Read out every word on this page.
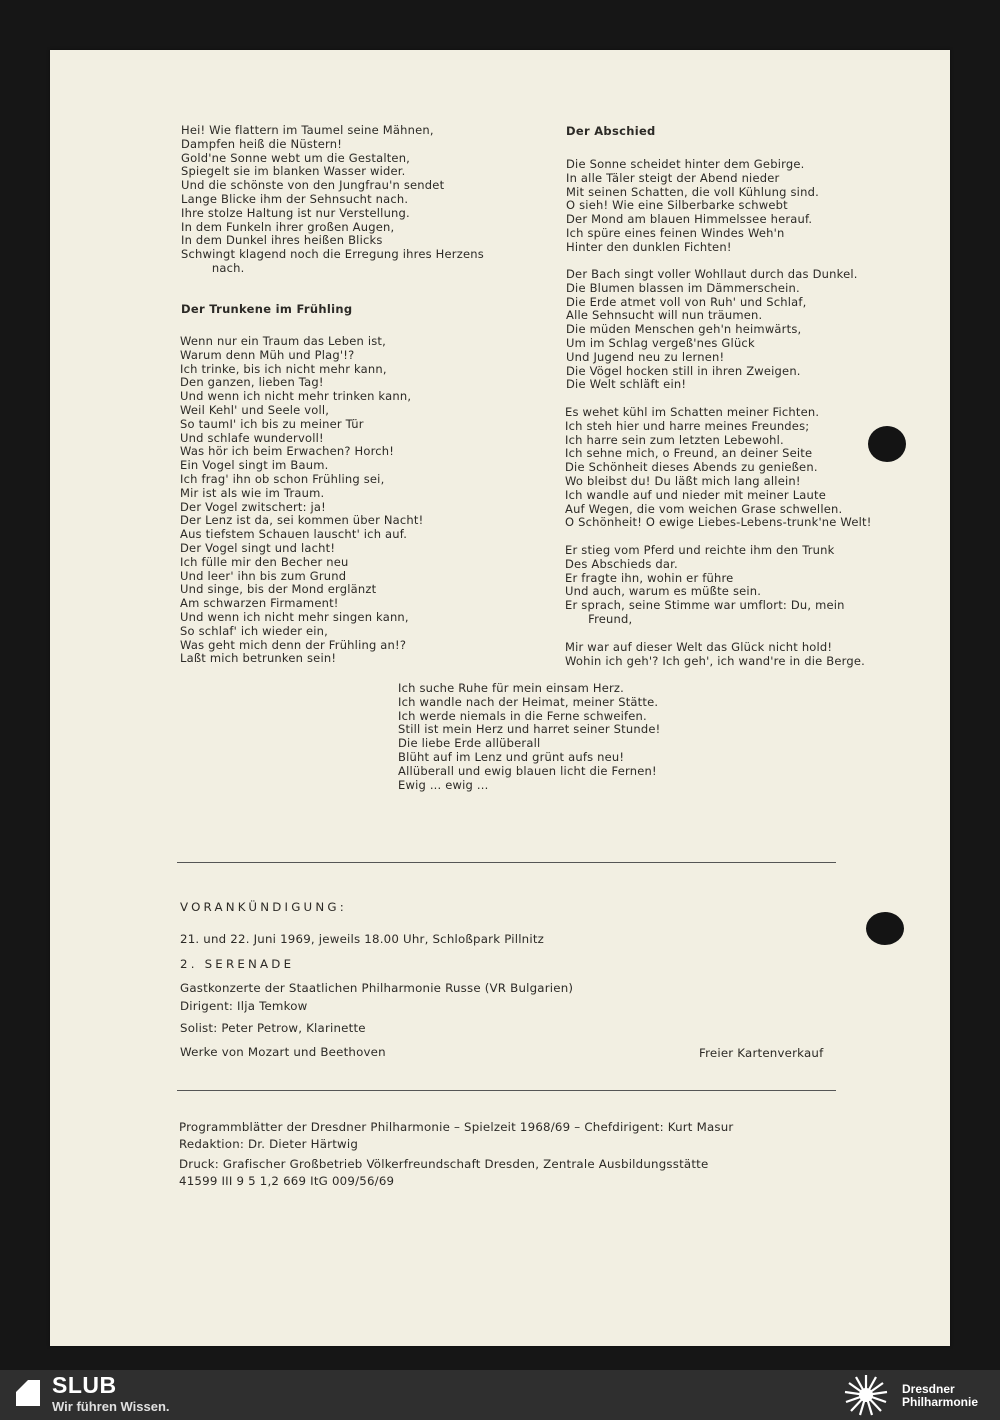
Hei! Wie flattern im Taumel seine Mähnen,
Dampfen heiß die Nüstern!
Gold'ne Sonne webt um die Gestalten,
Spiegelt sie im blanken Wasser wider.
Und die schönste von den Jungfrau'n sendet
Lange Blicke ihm der Sehnsucht nach.
Ihre stolze Haltung ist nur Verstellung.
In dem Funkeln ihrer großen Augen,
In dem Dunkel ihres heißen Blicks
Schwingt klagend noch die Erregung ihres Herzens
nach.
Der Trunkene im Frühling
Wenn nur ein Traum das Leben ist,
Warum denn Müh und Plag'!?
Ich trinke, bis ich nicht mehr kann,
Den ganzen, lieben Tag!
Und wenn ich nicht mehr trinken kann,
Weil Kehl' und Seele voll,
So taumI' ich bis zu meiner Tür
Und schlafe wundervoll!
Was hör ich beim Erwachen? Horch!
Ein Vogel singt im Baum.
Ich frag' ihn ob schon Frühling sei,
Mir ist als wie im Traum.
Der Vogel zwitschert: ja!
Der Lenz ist da, sei kommen über Nacht!
Aus tiefstem Schauen lauscht' ich auf.
Der Vogel singt und lacht!
Ich fülle mir den Becher neu
Und leer' ihn bis zum Grund
Und singe, bis der Mond erglänzt
Am schwarzen Firmament!
Und wenn ich nicht mehr singen kann,
So schlaf' ich wieder ein,
Was geht mich denn der Frühling an!?
Laßt mich betrunken sein!
Der Abschied
Die Sonne scheidet hinter dem Gebirge.
In alle Täler steigt der Abend nieder
Mit seinen Schatten, die voll Kühlung sind.
O sieh! Wie eine Silberbarke schwebt
Der Mond am blauen Himmelssee herauf.
Ich spüre eines feinen Windes Weh'n
Hinter den dunklen Fichten!
Der Bach singt voller Wohllaut durch das Dunkel.
Die Blumen blassen im Dämmerschein.
Die Erde atmet voll von Ruh' und Schlaf,
Alle Sehnsucht will nun träumen.
Die müden Menschen geh'n heimwärts,
Um im Schlag vergeß'nes Glück
Und Jugend neu zu lernen!
Die Vögel hocken still in ihren Zweigen.
Die Welt schläft ein!
Es wehet kühl im Schatten meiner Fichten.
Ich steh hier und harre meines Freundes;
Ich harre sein zum letzten Lebewohl.
Ich sehne mich, o Freund, an deiner Seite
Die Schönheit dieses Abends zu genießen.
Wo bleibst du! Du läßt mich lang allein!
Ich wandle auf und nieder mit meiner Laute
Auf Wegen, die vom weichen Grase schwellen.
O Schönheit! O ewige Liebes-Lebens-trunk'ne Welt!
Er stieg vom Pferd und reichte ihm den Trunk
Des Abschieds dar.
Er fragte ihn, wohin er führe
Und auch, warum es müßte sein.
Er sprach, seine Stimme war umflort: Du, mein
Freund,
Mir war auf dieser Welt das Glück nicht hold!
Wohin ich geh'? Ich geh', ich wand're in die Berge.
Ich suche Ruhe für mein einsam Herz.
Ich wandle nach der Heimat, meiner Stätte.
Ich werde niemals in die Ferne schweifen.
Still ist mein Herz und harret seiner Stunde!
Die liebe Erde allüberall
Blüht auf im Lenz und grünt aufs neu!
Allüberall und ewig blauen licht die Fernen!
Ewig ... ewig ...
VORANKÜNDIGUNG:
21. und 22. Juni 1969, jeweils 18.00 Uhr, Schloßpark Pillnitz
2. SERENADE
Gastkonzerte der Staatlichen Philharmonie Russe (VR Bulgarien)
Dirigent: Ilja Temkow
Solist: Peter Petrow, Klarinette
Werke von Mozart und Beethoven	Freier Kartenverkauf
Programmblätter der Dresdner Philharmonie – Spielzeit 1968/69 – Chefdirigent: Kurt Masur
Redaktion: Dr. Dieter Härtwig
Druck: Grafischer Großbetrieb Völkerfreundschaft Dresden, Zentrale Ausbildungsstätte
41599 III 9 5 1,2 669 ItG 009/56/69
SLUB
Wir führen Wissen.
Dresdner
Philharmonie
